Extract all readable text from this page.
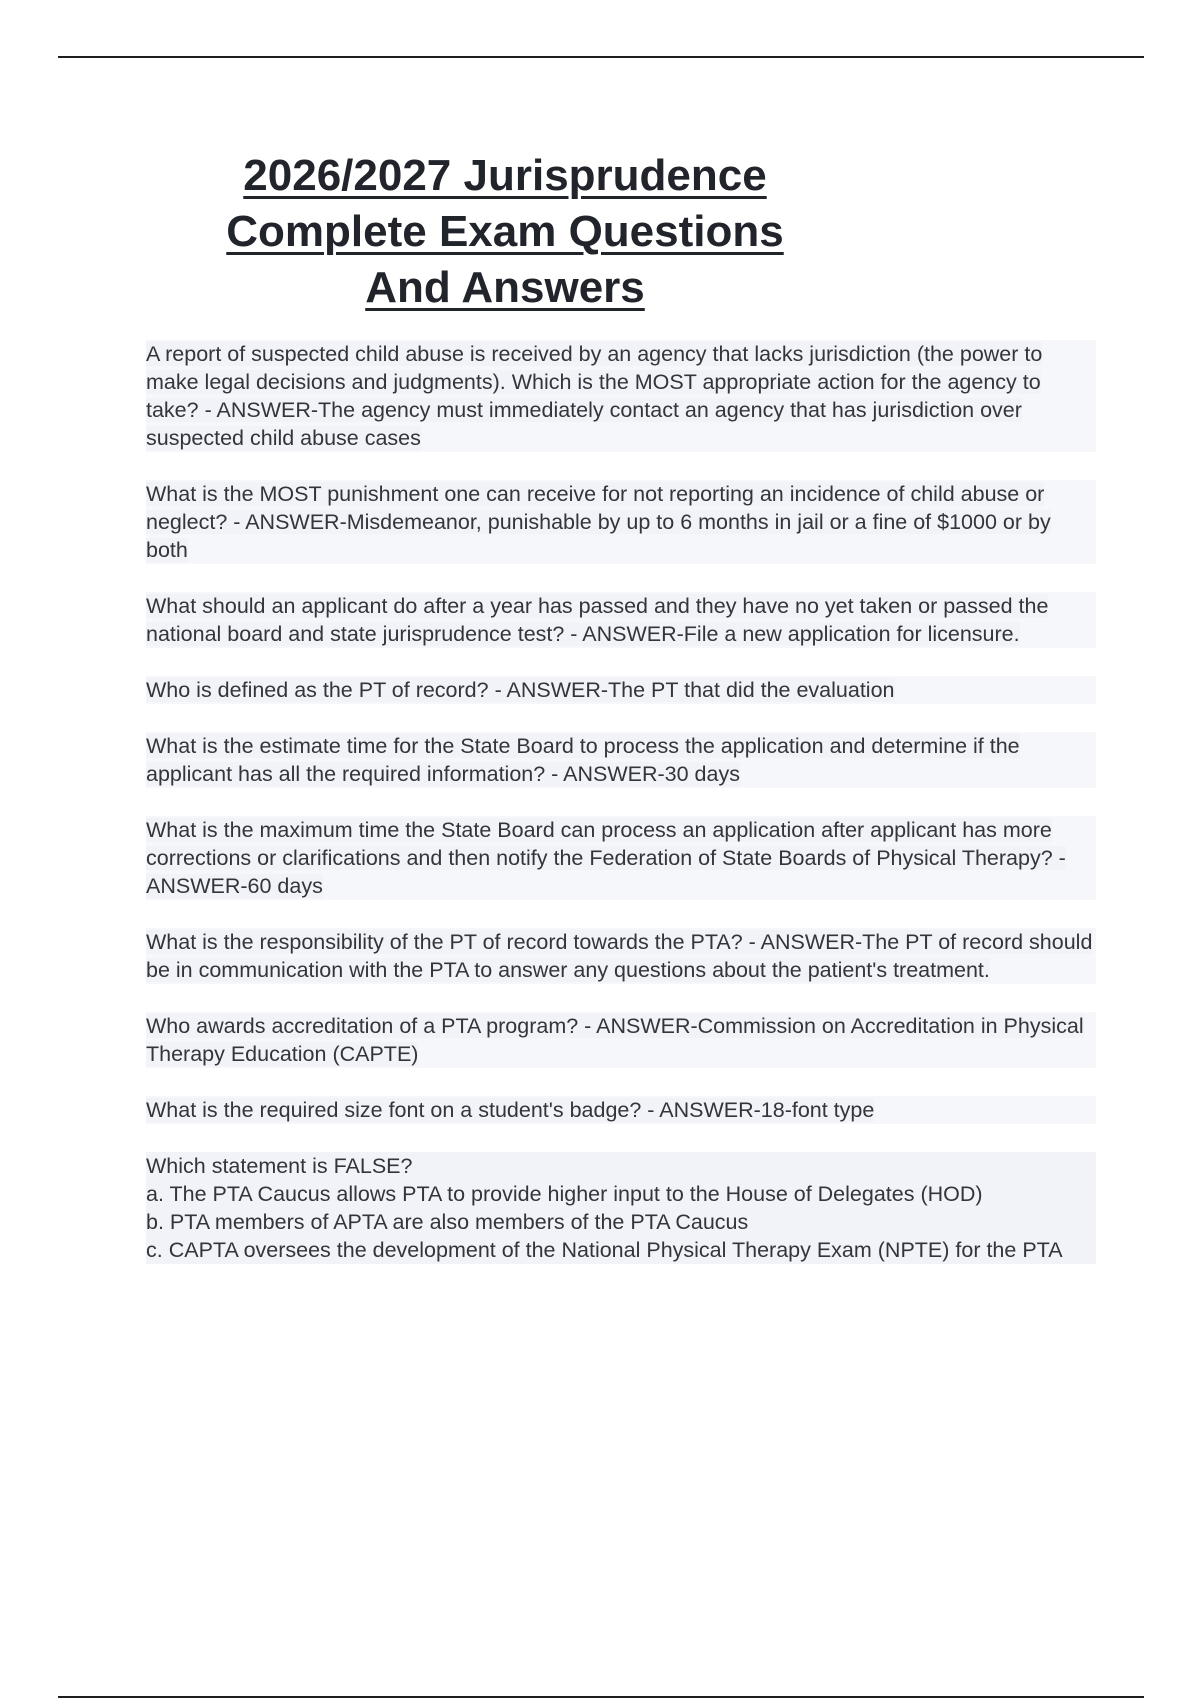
2026/2027 Jurisprudence
Complete Exam Questions
And Answers

A report of suspected child abuse is received by an agency that lacks jurisdiction (the power to make legal decisions and judgments). Which is the MOST appropriate action for the agency to take? - ANSWER-The agency must immediately contact an agency that has jurisdiction over suspected child abuse cases

What is the MOST punishment one can receive for not reporting an incidence of child abuse or neglect? - ANSWER-Misdemeanor, punishable by up to 6 months in jail or a fine of $1000 or by both

What should an applicant do after a year has passed and they have no yet taken or passed the national board and state jurisprudence test? - ANSWER-File a new application for licensure.

Who is defined as the PT of record? - ANSWER-The PT that did the evaluation

What is the estimate time for the State Board to process the application and determine if the applicant has all the required information? - ANSWER-30 days

What is the maximum time the State Board can process an application after applicant has more corrections or clarifications and then notify the Federation of State Boards of Physical Therapy? - ANSWER-60 days

What is the responsibility of the PT of record towards the PTA? - ANSWER-The PT of record should be in communication with the PTA to answer any questions about the patient's treatment.

Who awards accreditation of a PTA program? - ANSWER-Commission on Accreditation in Physical Therapy Education (CAPTE)

What is the required size font on a student's badge? - ANSWER-18-font type

Which statement is FALSE?
a. The PTA Caucus allows PTA to provide higher input to the House of Delegates (HOD)
b. PTA members of APTA are also members of the PTA Caucus
c. CAPTA oversees the development of the National Physical Therapy Exam (NPTE) for the PTA
